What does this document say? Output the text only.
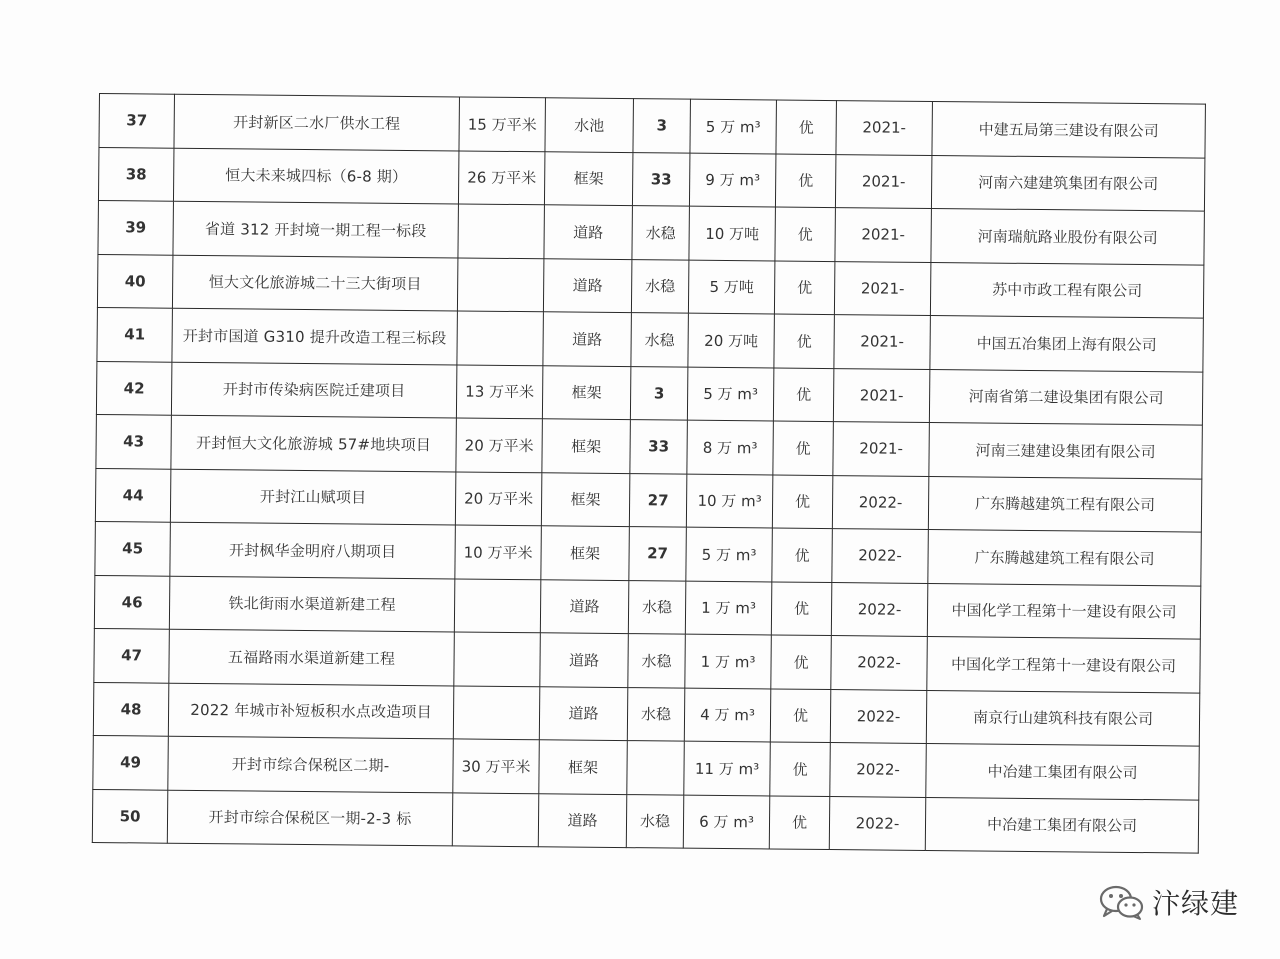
37	开封新区二水厂供水工程	15 万平米	水池	3	5 万 m³	优	2021-	中建五局第三建设有限公司
38	恒大未来城四标（6-8 期）	26 万平米	框架	33	9 万 m³	优	2021-	河南六建建筑集团有限公司
39	省道 312 开封境一期工程一标段		道路	水稳	10 万吨	优	2021-	河南瑞航路业股份有限公司
40	恒大文化旅游城二十三大街项目		道路	水稳	5 万吨	优	2021-	苏中市政工程有限公司
41	开封市国道 G310 提升改造工程三标段		道路	水稳	20 万吨	优	2021-	中国五冶集团上海有限公司
42	开封市传染病医院迁建项目	13 万平米	框架	3	5 万 m³	优	2021-	河南省第二建设集团有限公司
43	开封恒大文化旅游城 57#地块项目	20 万平米	框架	33	8 万 m³	优	2021-	河南三建建设集团有限公司
44	开封江山赋项目	20 万平米	框架	27	10 万 m³	优	2022-	广东腾越建筑工程有限公司
45	开封枫华金明府八期项目	10 万平米	框架	27	5 万 m³	优	2022-	广东腾越建筑工程有限公司
46	铁北街雨水渠道新建工程		道路	水稳	1 万 m³	优	2022-	中国化学工程第十一建设有限公司
47	五福路雨水渠道新建工程		道路	水稳	1 万 m³	优	2022-	中国化学工程第十一建设有限公司
48	2022 年城市补短板积水点改造项目		道路	水稳	4 万 m³	优	2022-	南京行山建筑科技有限公司
49	开封市综合保税区二期-	30 万平米	框架		11 万 m³	优	2022-	中冶建工集团有限公司
50	开封市综合保税区一期-2-3 标		道路	水稳	6 万 m³	优	2022-	中冶建工集团有限公司
汴绿建
